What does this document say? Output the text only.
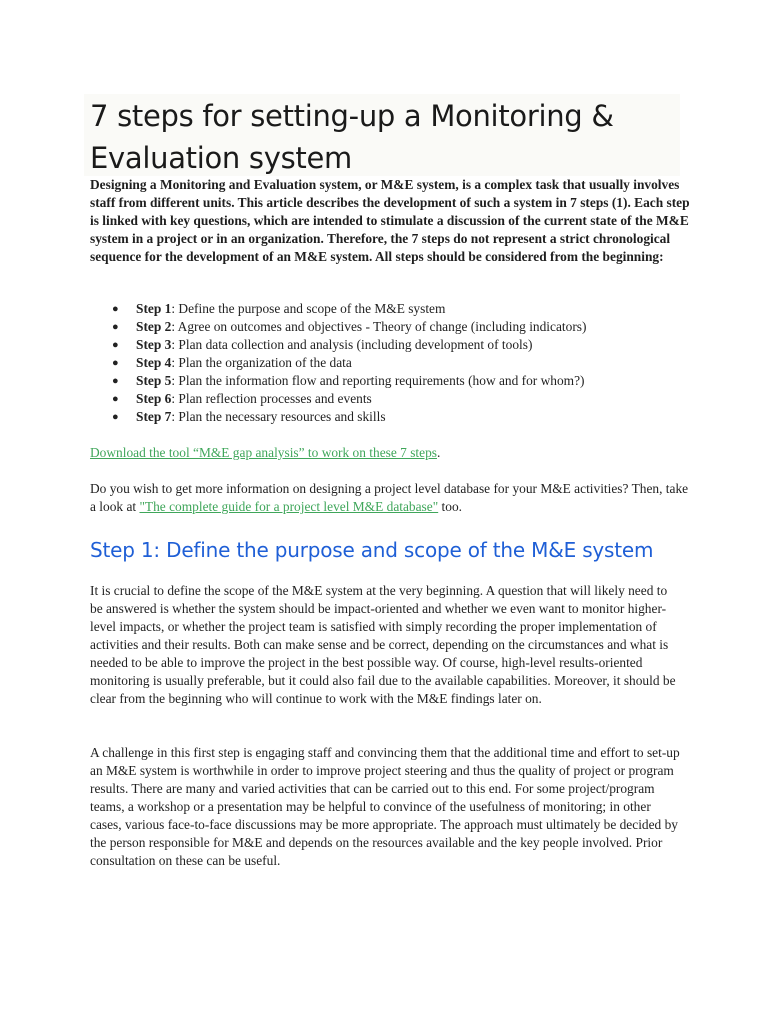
7 steps for setting-up a Monitoring & Evaluation system

Designing a Monitoring and Evaluation system, or M&E system, is a complex task that usually involves staff from different units. This article describes the development of such a system in 7 steps (1). Each step is linked with key questions, which are intended to stimulate a discussion of the current state of the M&E system in a project or in an organization. Therefore, the 7 steps do not represent a strict chronological sequence for the development of an M&E system. All steps should be considered from the beginning:

● Step 1: Define the purpose and scope of the M&E system
● Step 2: Agree on outcomes and objectives - Theory of change (including indicators)
● Step 3: Plan data collection and analysis (including development of tools)
● Step 4: Plan the organization of the data
● Step 5: Plan the information flow and reporting requirements (how and for whom?)
● Step 6: Plan reflection processes and events
● Step 7: Plan the necessary resources and skills

Download the tool “M&E gap analysis” to work on these 7 steps.

Do you wish to get more information on designing a project level database for your M&E activities? Then, take a look at "The complete guide for a project level M&E database" too.

Step 1: Define the purpose and scope of the M&E system

It is crucial to define the scope of the M&E system at the very beginning. A question that will likely need to be answered is whether the system should be impact-oriented and whether we even want to monitor higher-level impacts, or whether the project team is satisfied with simply recording the proper implementation of activities and their results. Both can make sense and be correct, depending on the circumstances and what is needed to be able to improve the project in the best possible way. Of course, high-level results-oriented monitoring is usually preferable, but it could also fail due to the available capabilities. Moreover, it should be clear from the beginning who will continue to work with the M&E findings later on.

A challenge in this first step is engaging staff and convincing them that the additional time and effort to set-up an M&E system is worthwhile in order to improve project steering and thus the quality of project or program results. There are many and varied activities that can be carried out to this end. For some project/program teams, a workshop or a presentation may be helpful to convince of the usefulness of monitoring; in other cases, various face-to-face discussions may be more appropriate. The approach must ultimately be decided by the person responsible for M&E and depends on the resources available and the key people involved. Prior consultation on these can be useful.
